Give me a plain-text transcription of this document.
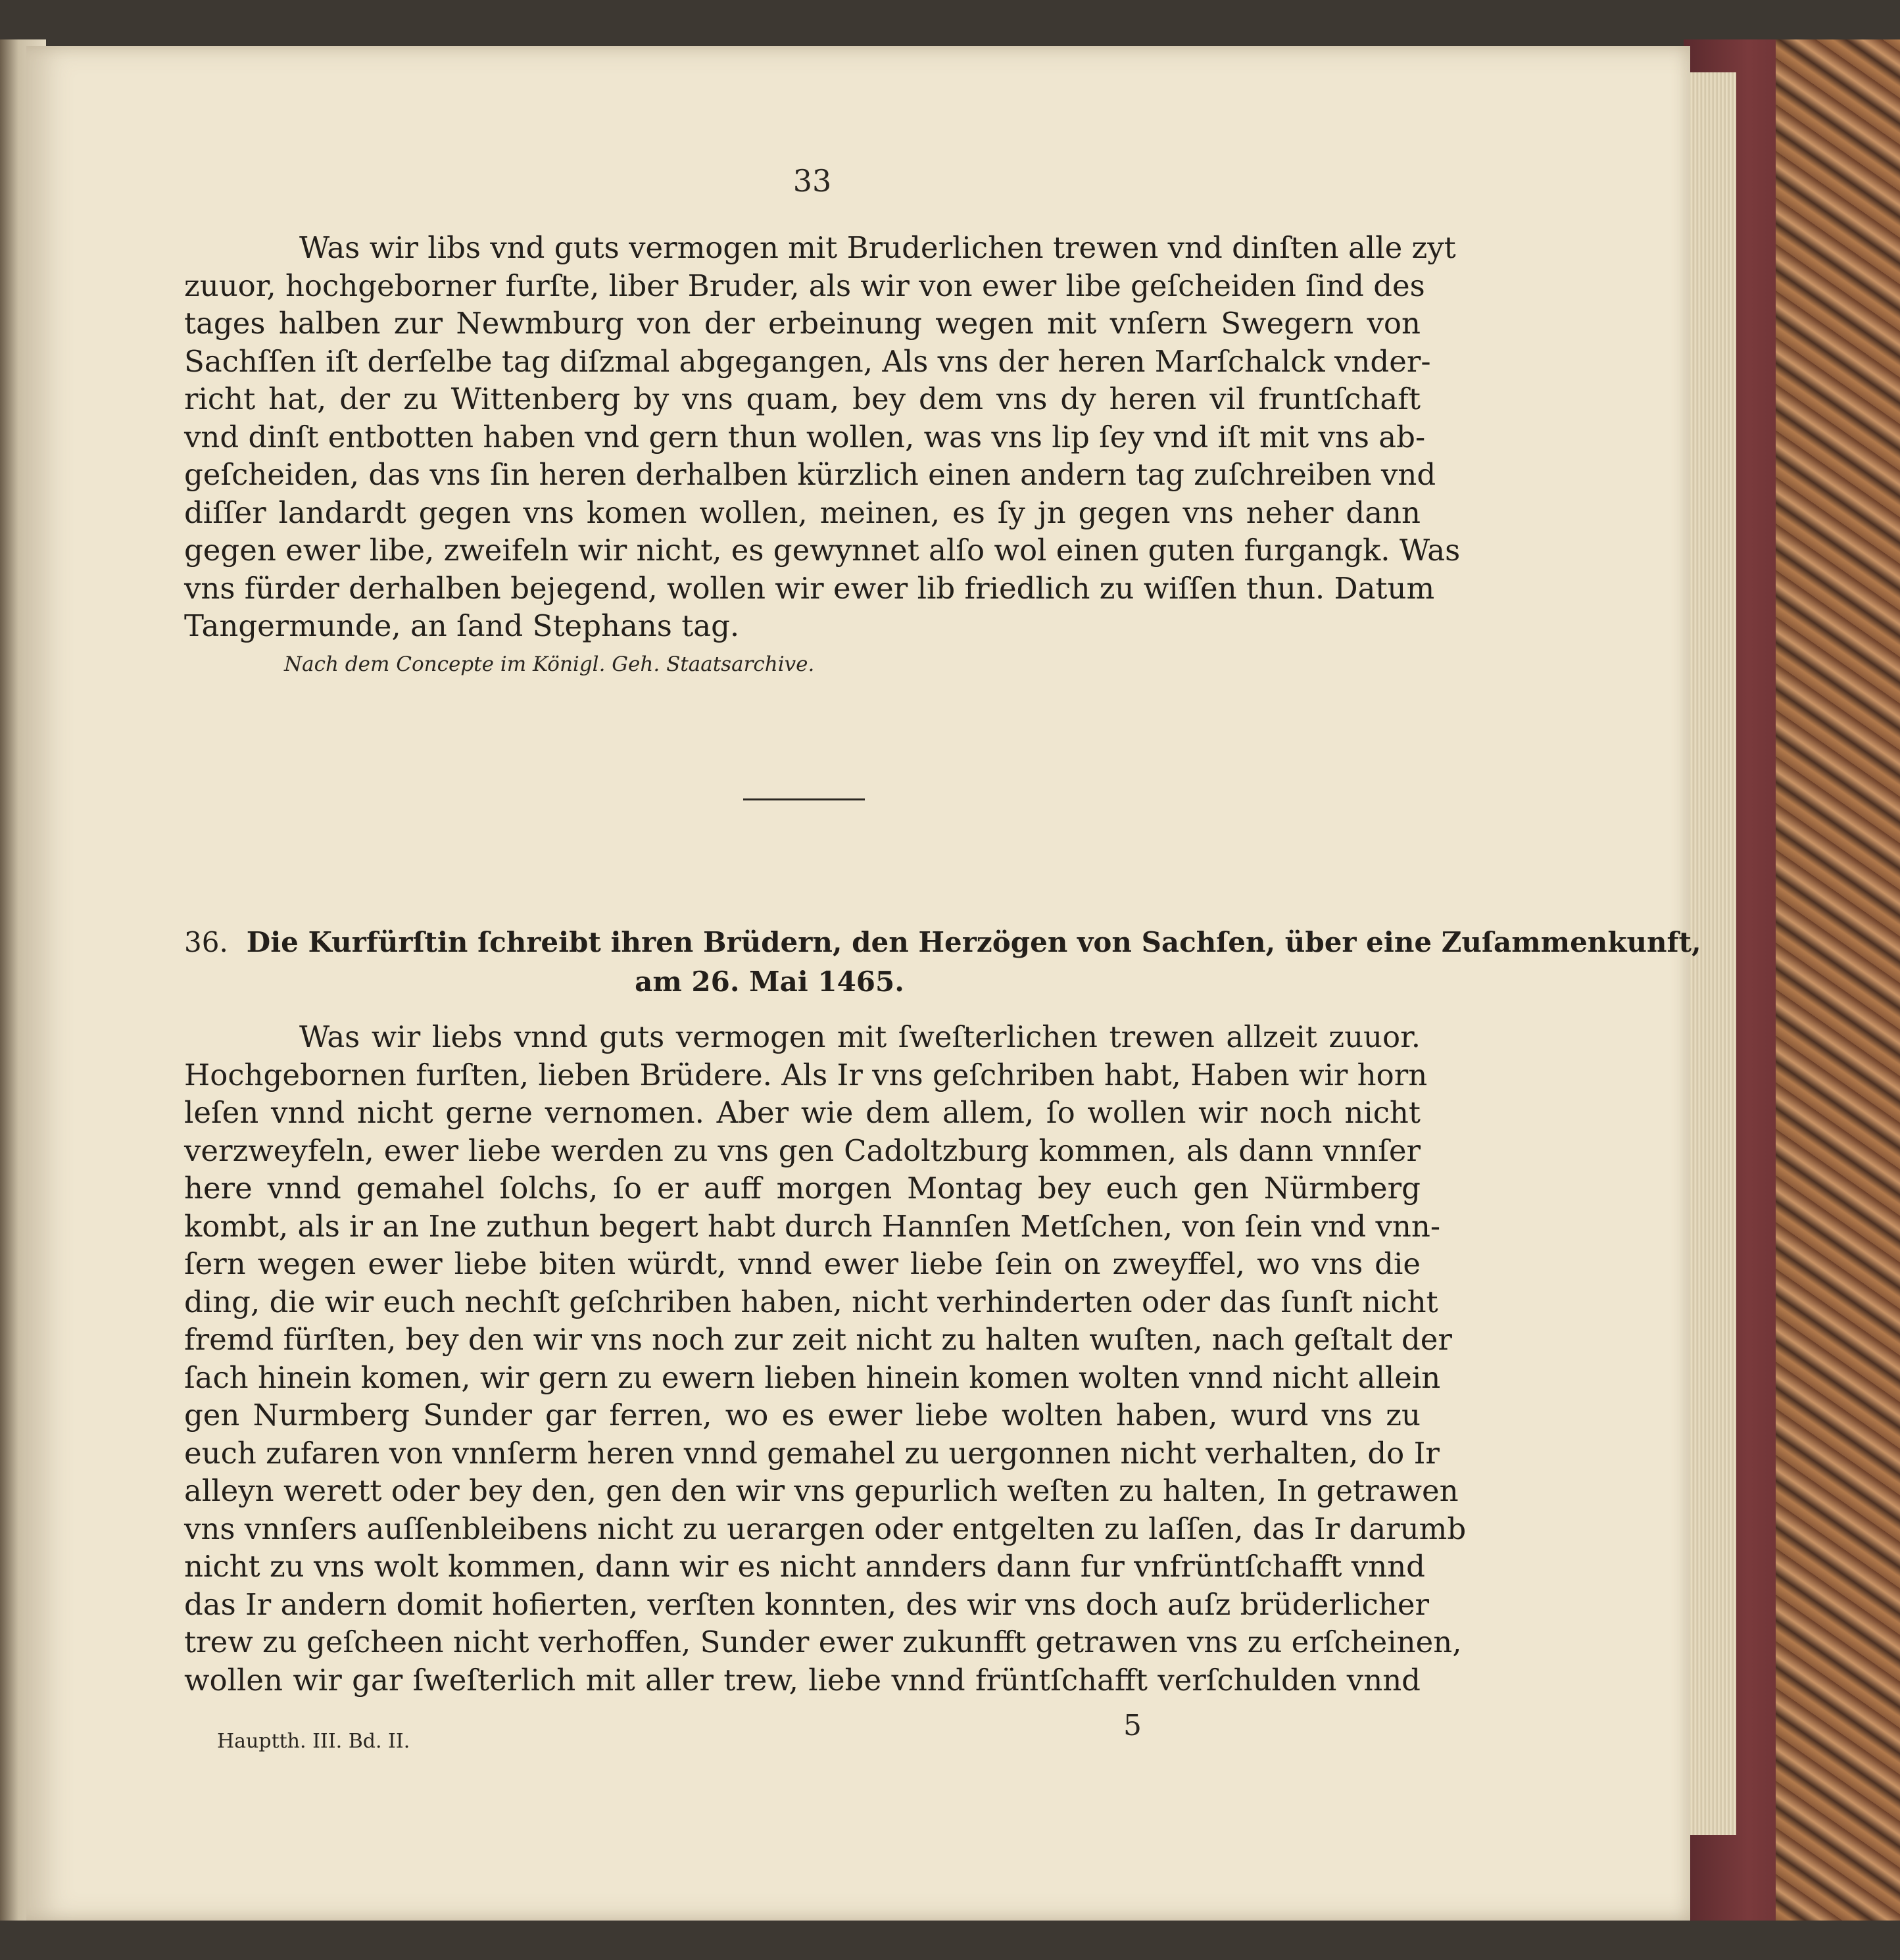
33
Was wir libs vnd guts vermogen mit Bruderlichen trewen vnd dinſten alle zyt
zuuor, hochgeborner furſte, liber Bruder, als wir von ewer libe geſcheiden ſind des
tages halben zur Newmburg von der erbeinung wegen mit vnſern Swegern von
Sachſſen iſt derſelbe tag diſzmal abgegangen, Als vns der heren Marſchalck vnder-
richt hat, der zu Wittenberg by vns quam, bey dem vns dy heren vil fruntſchaft
vnd dinſt entbotten haben vnd gern thun wollen, was vns lip ſey vnd iſt mit vns ab-
geſcheiden, das vns ſin heren derhalben kürzlich einen andern tag zuſchreiben vnd
diſſer landardt gegen vns komen wollen, meinen, es ſy jn gegen vns neher dann
gegen ewer libe, zweifeln wir nicht, es gewynnet alſo wol einen guten furgangk. Was
vns fürder derhalben bejegend, wollen wir ewer lib friedlich zu wiſſen thun. Datum
Tangermunde, an ſand Stephans tag.
Nach dem Concepte im Königl. Geh. Staatsarchive.
36. Die Kurfürſtin ſchreibt ihren Brüdern, den Herzögen von Sachſen, über eine Zuſammenkunft,
am 26. Mai 1465.
Was wir liebs vnnd guts vermogen mit ſweſterlichen trewen allzeit zuuor.
Hochgebornen furſten, lieben Brüdere. Als Ir vns geſchriben habt, Haben wir horn
leſen vnnd nicht gerne vernomen. Aber wie dem allem, ſo wollen wir noch nicht
verzweyfeln, ewer liebe werden zu vns gen Cadoltzburg kommen, als dann vnnſer
here vnnd gemahel ſolchs, ſo er auff morgen Montag bey euch gen Nürmberg
kombt, als ir an Ine zuthun begert habt durch Hannſen Metſchen, von ſein vnd vnn-
ſern wegen ewer liebe biten würdt, vnnd ewer liebe ſein on zweyffel, wo vns die
ding, die wir euch nechſt geſchriben haben, nicht verhinderten oder das ſunſt nicht
fremd fürſten, bey den wir vns noch zur zeit nicht zu halten wuſten, nach geſtalt der
ſach hinein komen, wir gern zu ewern lieben hinein komen wolten vnnd nicht allein
gen Nurmberg Sunder gar ferren, wo es ewer liebe wolten haben, wurd vns zu
euch zufaren von vnnſerm heren vnnd gemahel zu uergonnen nicht verhalten, do Ir
alleyn werett oder bey den, gen den wir vns gepurlich weſten zu halten, In getrawen
vns vnnſers auſſenbleibens nicht zu uerargen oder entgelten zu laſſen, das Ir darumb
nicht zu vns wolt kommen, dann wir es nicht annders dann fur vnfrüntſchafft vnnd
das Ir andern domit hofierten, verſten konnten, des wir vns doch auſz brüderlicher
trew zu geſcheen nicht verhoffen, Sunder ewer zukunfft getrawen vns zu erſcheinen,
wollen wir gar ſweſterlich mit aller trew, liebe vnnd früntſchafft verſchulden vnnd
Hauptth. III. Bd. II.	5
